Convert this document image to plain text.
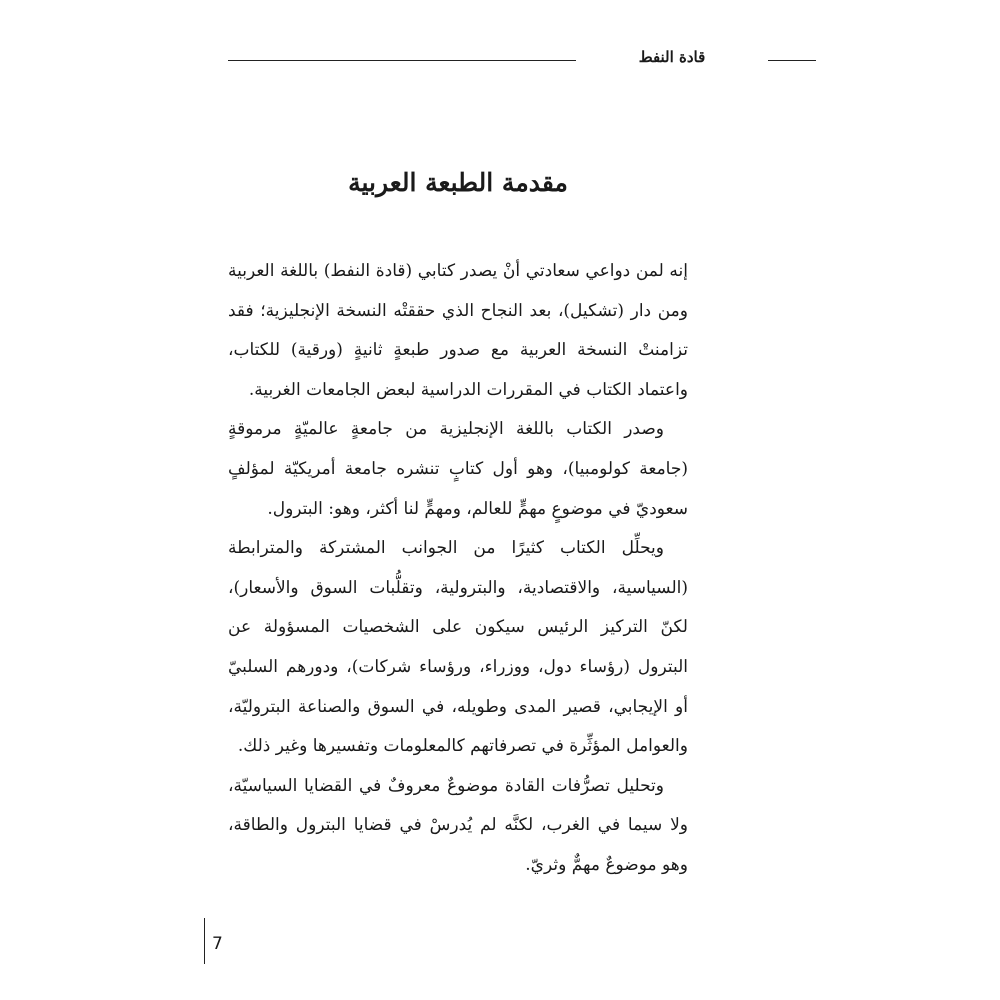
قادة النفط
مقدمة الطبعة العربية

إنه لمن دواعي سعادتي أنْ يصدر كتابي (قادة النفط) باللغة العربية ومن دار (تشكيل)، بعد النجاح الذي حققتْه النسخة الإنجليزية؛ فقد تزامنتْ النسخة العربية مع صدور طبعةٍ ثانيةٍ (ورقية) للكتاب، واعتماد الكتاب في المقررات الدراسية لبعض الجامعات الغربية.

وصدر الكتاب باللغة الإنجليزية من جامعةٍ عالميّةٍ مرموقةٍ (جامعة كولومبيا)، وهو أول كتابٍ تنشره جامعة أمريكيّة لمؤلفٍ سعوديّ في موضوعٍ مهمٍّ للعالم، ومهمٍّ لنا أكثر، وهو: البترول.

ويحلِّل الكتاب كثيرًا من الجوانب المشتركة والمترابطة (السياسية، والاقتصادية، والبترولية، وتقلُّبات السوق والأسعار)، لكنّ التركيز الرئيس سيكون على الشخصيات المسؤولة عن البترول (رؤساء دول، ووزراء، ورؤساء شركات)، ودورهم السلبيّ أو الإيجابي، قصير المدى وطويله، في السوق والصناعة البتروليّة، والعوامل المؤثِّرة في تصرفاتهم كالمعلومات وتفسيرها وغير ذلك.

وتحليل تصرُّفات القادة موضوعٌ معروفٌ في القضايا السياسيّة، ولا سيما في الغرب، لكنَّه لم يُدرسْ في قضايا البترول والطاقة، وهو موضوعٌ مهمٌّ وثريّ.

7
